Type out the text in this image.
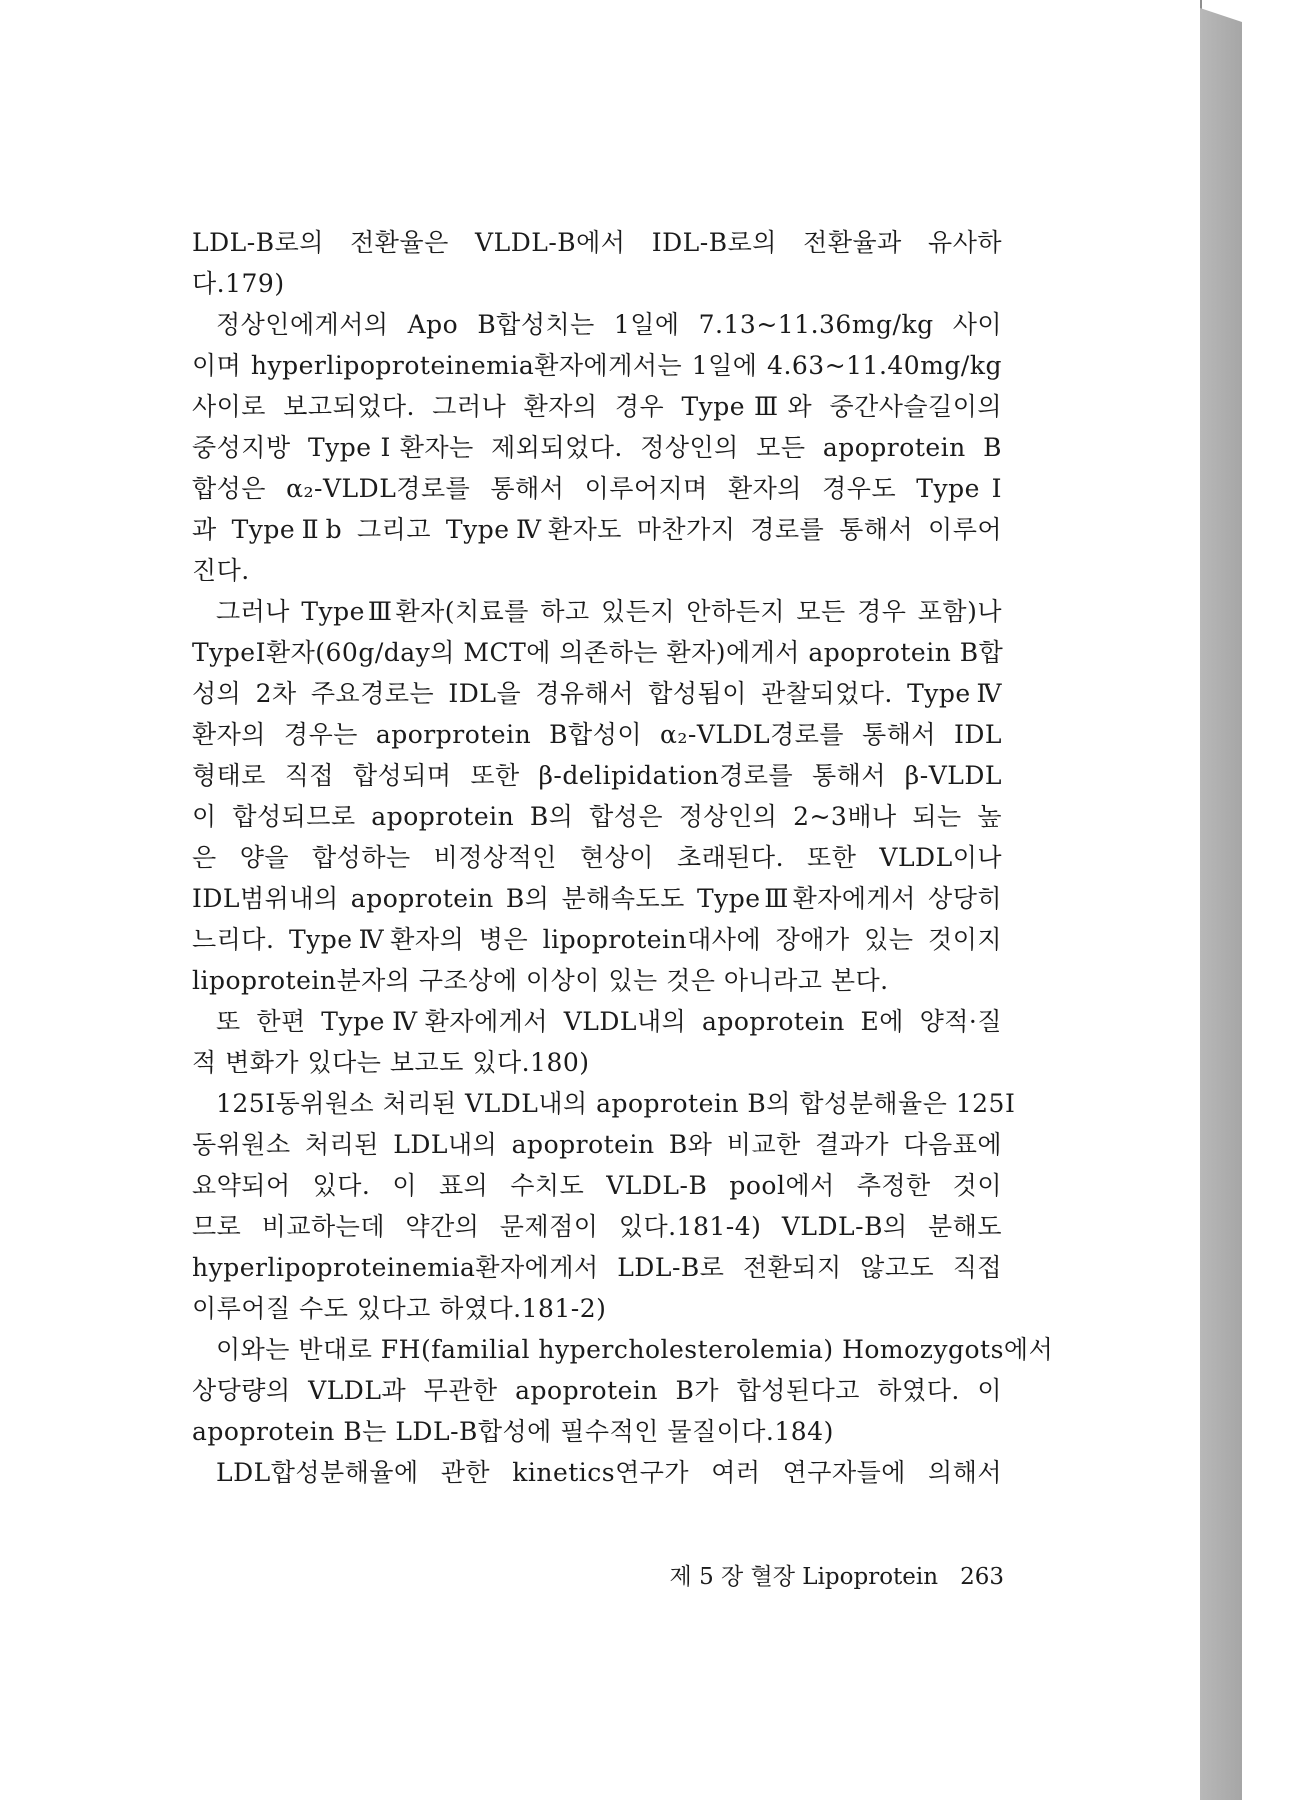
LDL-B로의 전환율은 VLDL-B에서 IDL-B로의 전환율과 유사하
다.179)
정상인에게서의 Apo B합성치는 1일에 7.13~11.36mg/kg 사이
이며 hyperlipoproteinemia환자에게서는 1일에 4.63~11.40mg/kg
사이로 보고되었다. 그러나 환자의 경우 TypeⅢ와 중간사슬길이의
중성지방 TypeⅠ환자는 제외되었다. 정상인의 모든 apoprotein B
합성은 α₂-VLDL경로를 통해서 이루어지며 환자의 경우도 TypeⅠ
과 TypeⅡb 그리고 TypeⅣ환자도 마찬가지 경로를 통해서 이루어
진다.
그러나 TypeⅢ환자(치료를 하고 있든지 안하든지 모든 경우 포함)나
TypeⅠ환자(60g/day의 MCT에 의존하는 환자)에게서 apoprotein B합
성의 2차 주요경로는 IDL을 경유해서 합성됨이 관찰되었다. TypeⅣ
환자의 경우는 aporprotein B합성이 α₂-VLDL경로를 통해서 IDL
형태로 직접 합성되며 또한 β-delipidation경로를 통해서 β-VLDL
이 합성되므로 apoprotein B의 합성은 정상인의 2~3배나 되는 높
은 양을 합성하는 비정상적인 현상이 초래된다. 또한 VLDL이나
IDL범위내의 apoprotein B의 분해속도도 TypeⅢ환자에게서 상당히
느리다. TypeⅣ환자의 병은 lipoprotein대사에 장애가 있는 것이지
lipoprotein분자의 구조상에 이상이 있는 것은 아니라고 본다.
또 한편 TypeⅣ환자에게서 VLDL내의 apoprotein E에 양적·질
적 변화가 있다는 보고도 있다.180)
125I동위원소 처리된 VLDL내의 apoprotein B의 합성분해율은 125I
동위원소 처리된 LDL내의 apoprotein B와 비교한 결과가 다음표에
요약되어 있다. 이 표의 수치도 VLDL-B pool에서 추정한 것이
므로 비교하는데 약간의 문제점이 있다.181-4) VLDL-B의 분해도
hyperlipoproteinemia환자에게서 LDL-B로 전환되지 않고도 직접
이루어질 수도 있다고 하였다.181-2)
이와는 반대로 FH(familial hypercholesterolemia) Homozygots에서
상당량의 VLDL과 무관한 apoprotein B가 합성된다고 하였다. 이
apoprotein B는 LDL-B합성에 필수적인 물질이다.184)
LDL합성분해율에 관한 kinetics연구가 여러 연구자들에 의해서
제 5 장 혈장 Lipoprotein 263
